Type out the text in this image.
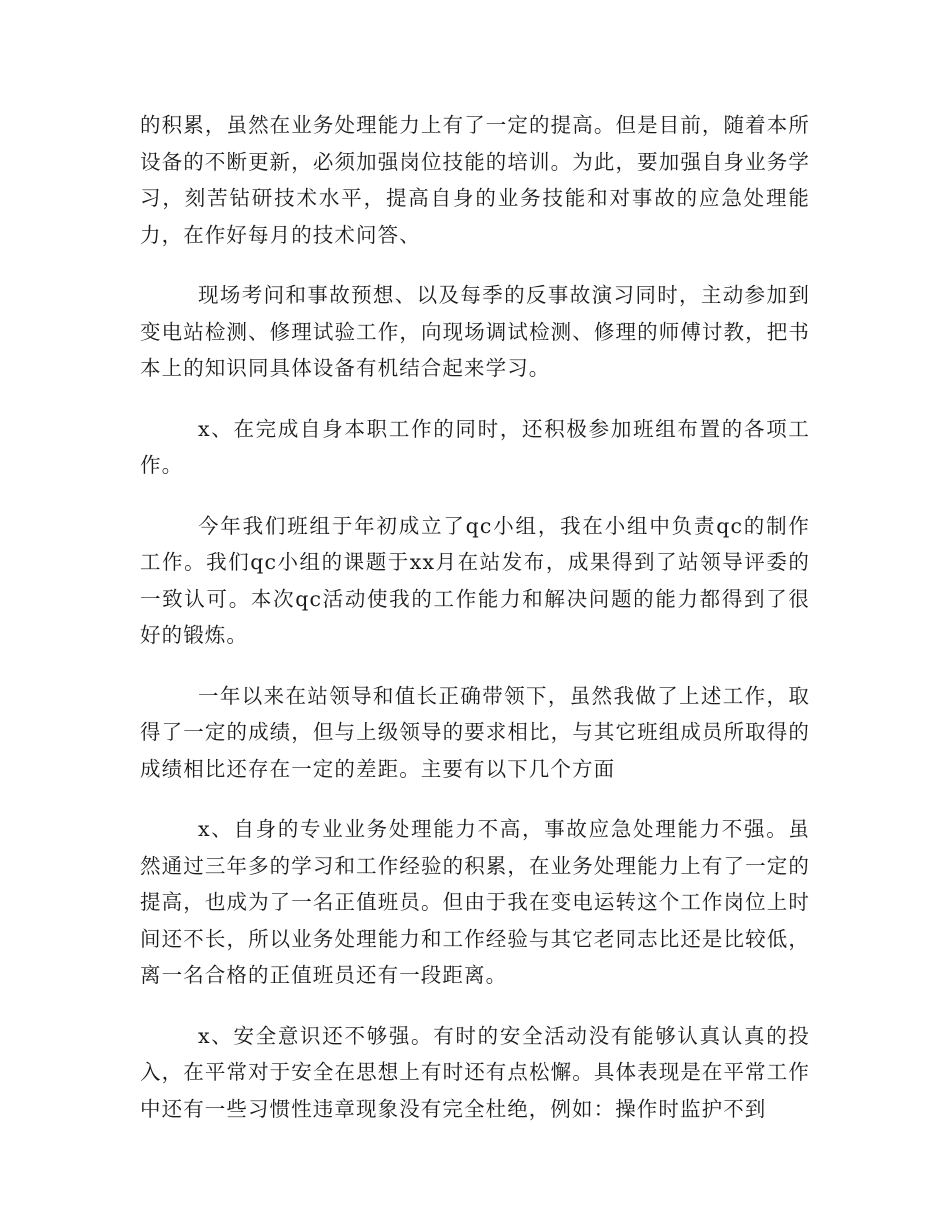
的积累，虽然在业务处理能力上有了一定的提高。但是目前，随着本所设备的不断更新，必须加强岗位技能的培训。为此，要加强自身业务学习，刻苦钻研技术水平，提高自身的业务技能和对事故的应急处理能力，在作好每月的技术问答、

现场考问和事故预想、以及每季的反事故演习同时，主动参加到变电站检测、修理试验工作，向现场调试检测、修理的师傅讨教，把书本上的知识同具体设备有机结合起来学习。

x、在完成自身本职工作的同时，还积极参加班组布置的各项工作。

今年我们班组于年初成立了qc小组，我在小组中负责qc的制作工作。我们qc小组的课题于xx月在站发布，成果得到了站领导评委的一致认可。本次qc活动使我的工作能力和解决问题的能力都得到了很好的锻炼。

一年以来在站领导和值长正确带领下，虽然我做了上述工作，取得了一定的成绩，但与上级领导的要求相比，与其它班组成员所取得的成绩相比还存在一定的差距。主要有以下几个方面

x、自身的专业业务处理能力不高，事故应急处理能力不强。虽然通过三年多的学习和工作经验的积累，在业务处理能力上有了一定的提高，也成为了一名正值班员。但由于我在变电运转这个工作岗位上时间还不长，所以业务处理能力和工作经验与其它老同志比还是比较低，离一名合格的正值班员还有一段距离。

x、安全意识还不够强。有时的安全活动没有能够认真认真的投入，在平常对于安全在思想上有时还有点松懈。具体表现是在平常工作中还有一些习惯性违章现象没有完全杜绝，例如：操作时监护不到
